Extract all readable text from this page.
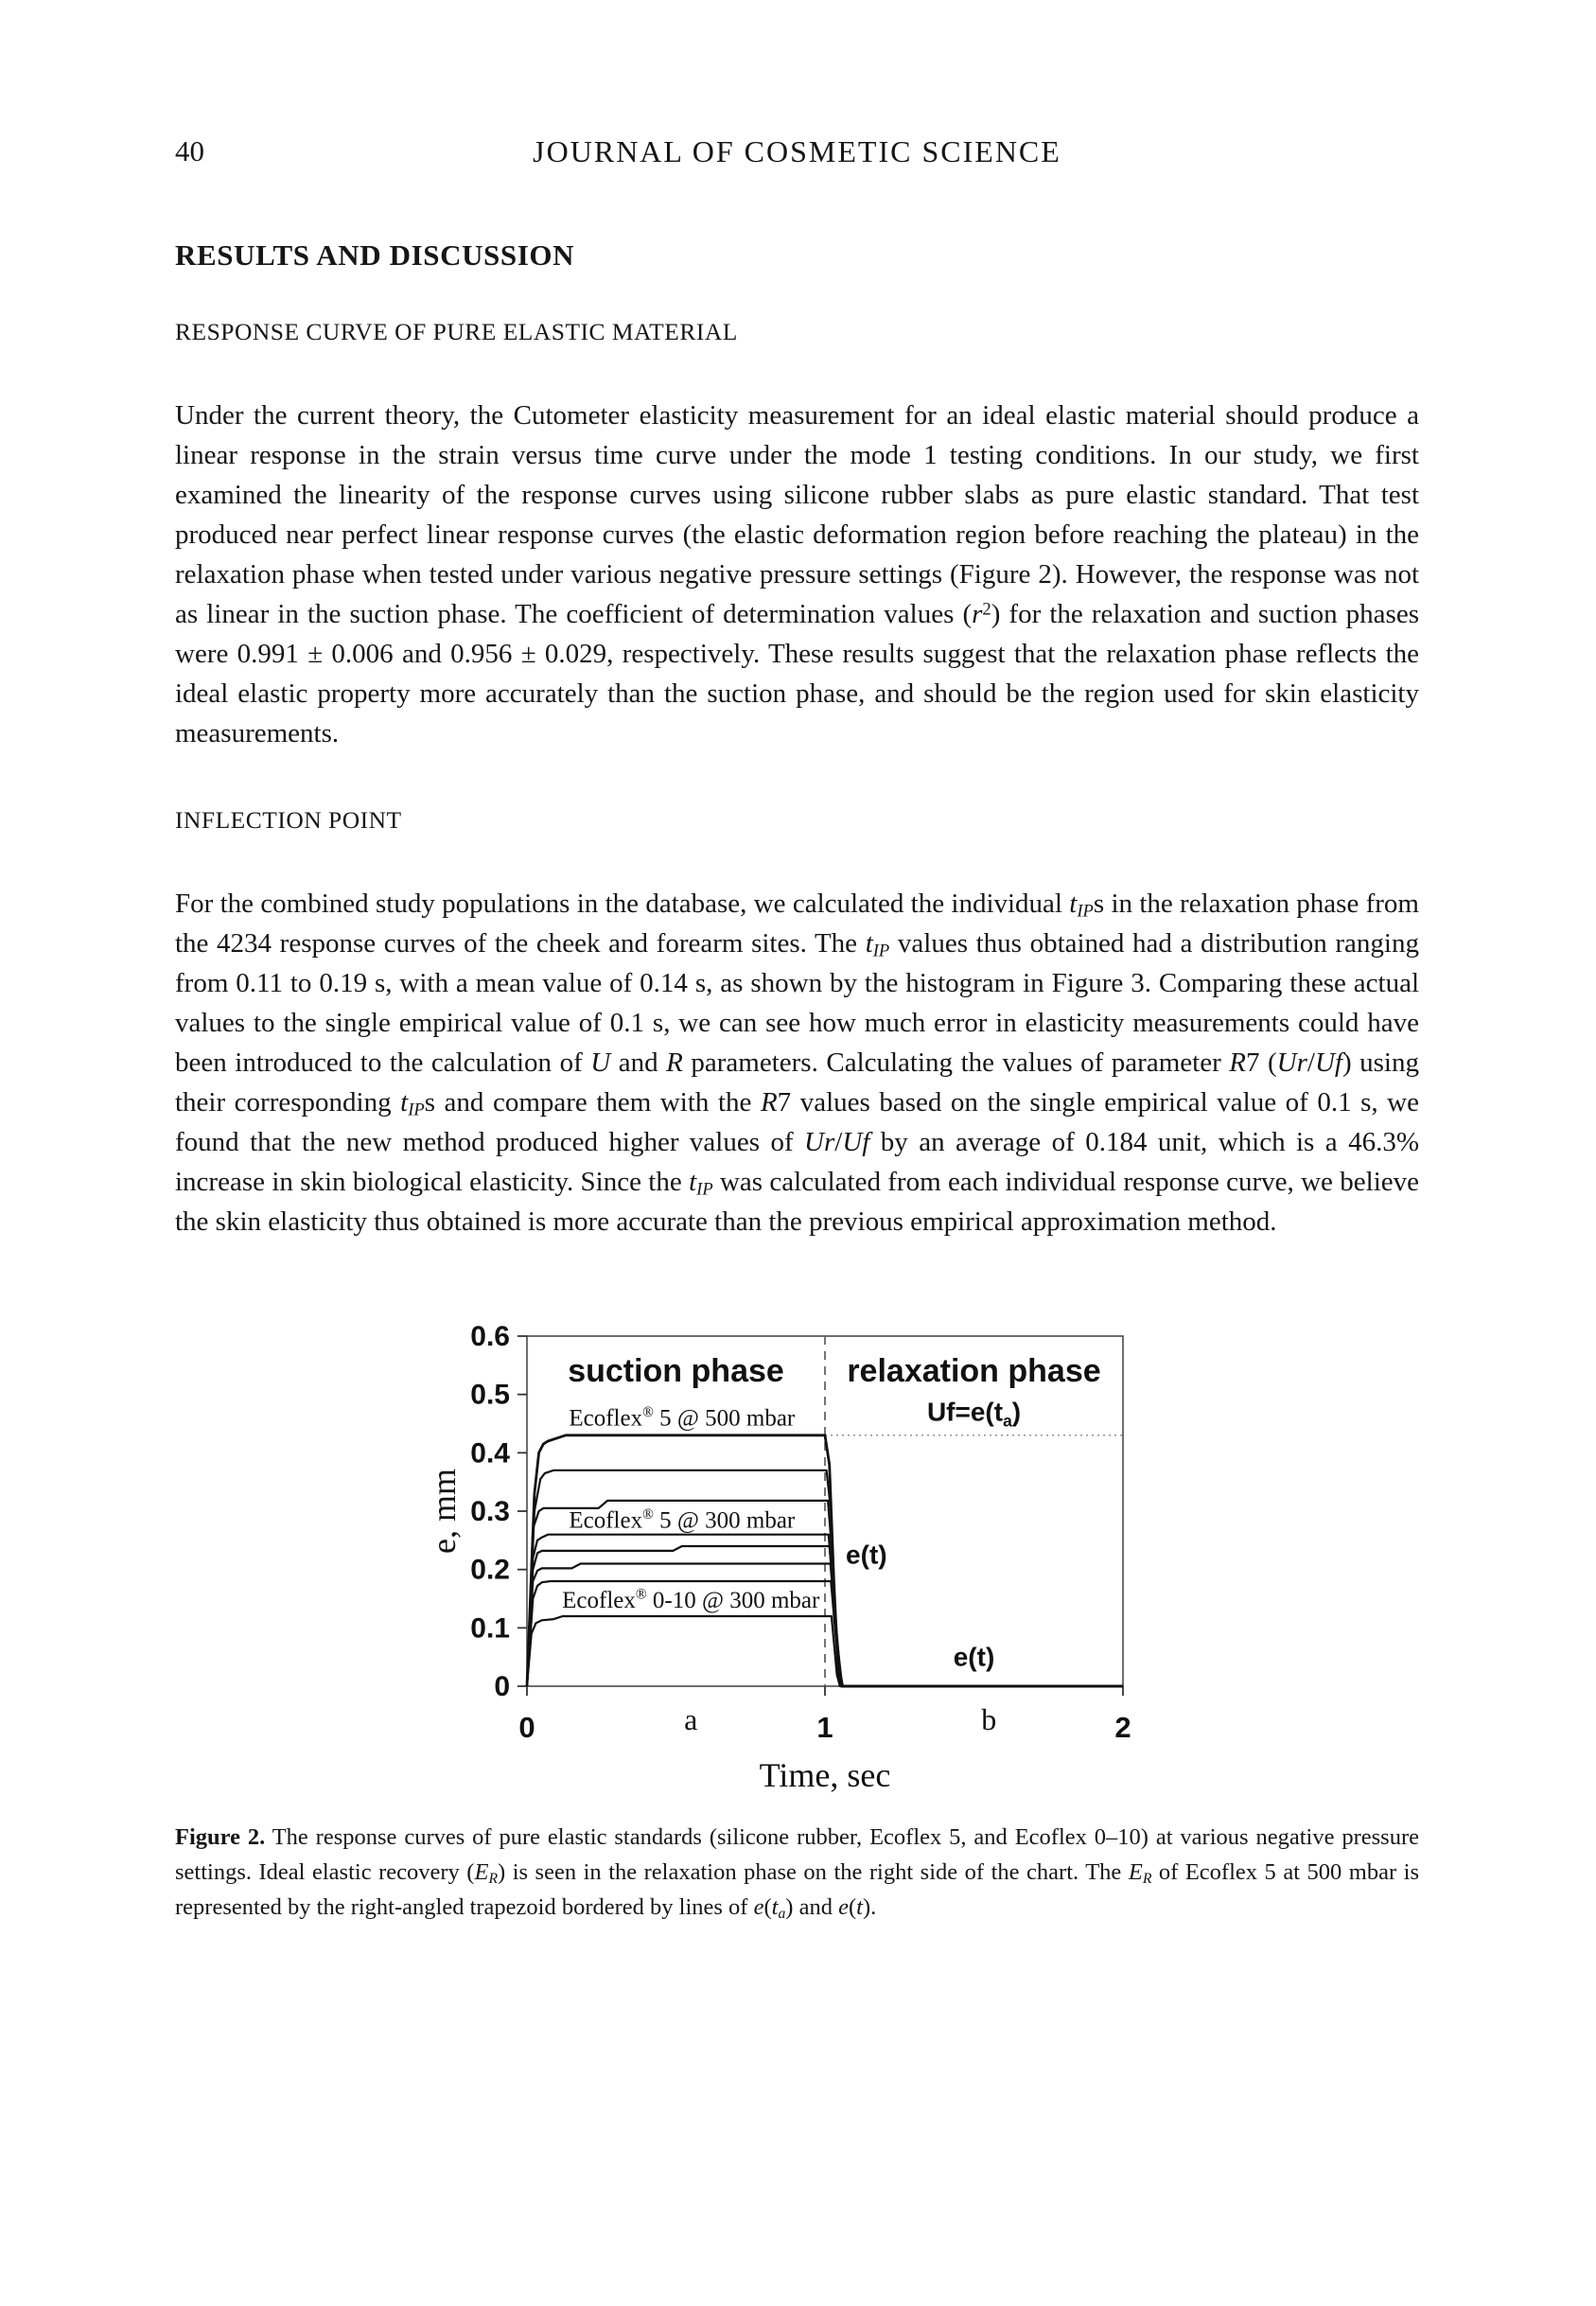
40	JOURNAL OF COSMETIC SCIENCE
RESULTS AND DISCUSSION
RESPONSE CURVE OF PURE ELASTIC MATERIAL

Under the current theory, the Cutometer elasticity measurement for an ideal elastic material should produce a linear response in the strain versus time curve under the mode 1 testing conditions. In our study, we first examined the linearity of the response curves using silicone rubber slabs as pure elastic standard. That test produced near perfect linear response curves (the elastic deformation region before reaching the plateau) in the relaxation phase when tested under various negative pressure settings (Figure 2). However, the response was not as linear in the suction phase. The coefficient of determination values $(r^2)$ for the relaxation and suction phases were 0.991 ± 0.006 and 0.956 ± 0.029, respectively. These results suggest that the relaxation phase reflects the ideal elastic property more accurately than the suction phase, and should be the region used for skin elasticity measurements.

INFLECTION POINT

For the combined study populations in the database, we calculated the individual $t_{IP}s$ in the relaxation phase from the 4234 response curves of the cheek and forearm sites. The $t_{IP}$ values thus obtained had a distribution ranging from 0.11 to 0.19 s, with a mean value of 0.14 s, as shown by the histogram in Figure 3. Comparing these actual values to the single empirical value of 0.1 s, we can see how much error in elasticity measurements could have been introduced to the calculation of U and R parameters. Calculating the values of parameter R7 (Ur/Uf) using their corresponding $t_{IP}s$ and compare them with the R7 values based on the single empirical value of 0.1 s, we found that the new method produced higher values of Ur/Uf by an average of 0.184 unit, which is a 46.3% increase in skin biological elasticity. Since the $t_{IP}$ was calculated from each individual response curve, we believe the skin elasticity thus obtained is more accurate than the previous empirical approximation method.

0
0.1
0.2
0.3
0.4
0.5
0.6
0	1	2
a	b
suction phase relaxation phase
Ecoflex® 5 @ 500 mbar	$Uf=e(t_a)$
Ecoflex® 5 @ 300 mbar
Ecoflex® 0-10 @ 300 mbar
e(t)
e(t)
Time, sec
e, mm

Figure 2. The response curves of pure elastic standards (silicone rubber, Ecoflex 5, and Ecoflex 0–10) at various negative pressure settings. Ideal elastic recovery $(E_R)$ is seen in the relaxation phase on the right side of the chart. The $E_R$ of Ecoflex 5 at 500 mbar is represented by the right-angled trapezoid bordered by lines of $e(t_a)$ and e(t).
